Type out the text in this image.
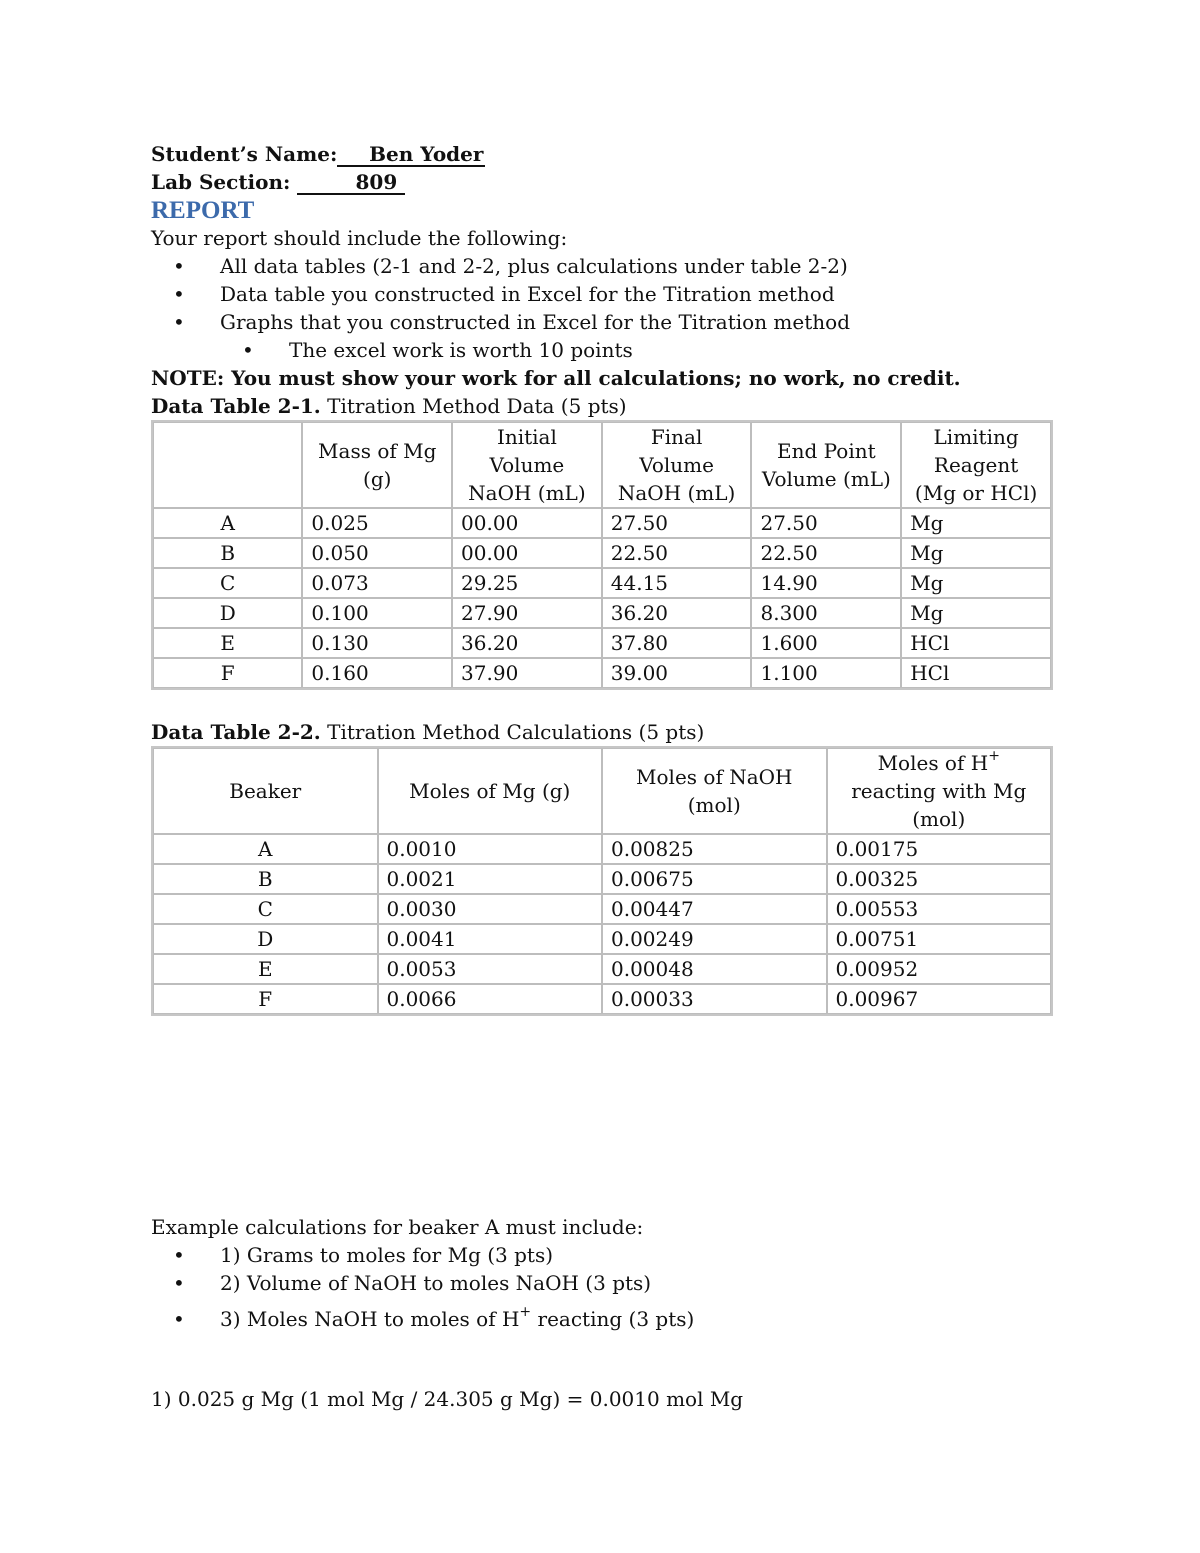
Student’s Name: Ben Yoder
Lab Section:	809
REPORT
Your report should include the following:
• All data tables (2-1 and 2-2, plus calculations under table 2-2)
• Data table you constructed in Excel for the Titration method
• Graphs that you constructed in Excel for the Titration method
• The excel work is worth 10 points
NOTE: You must show your work for all calculations; no work, no credit.
Data Table 2-1. Titration Method Data (5 pts)
	Mass of Mg (g)	Initial Volume NaOH (mL)	Final Volume NaOH (mL)	End Point Volume (mL)	Limiting Reagent (Mg or HCl)
A	0.025	00.00	27.50	27.50	Mg
B	0.050	00.00	22.50	22.50	Mg
C	0.073	29.25	44.15	14.90	Mg
D	0.100	27.90	36.20	8.300	Mg
E	0.130	36.20	37.80	1.600	HCl
F	0.160	37.90	39.00	1.100	HCl
Data Table 2-2. Titration Method Calculations (5 pts)
Beaker	Moles of Mg (g)	Moles of NaOH (mol)	Moles of H+ reacting with Mg (mol)
A	0.0010	0.00825	0.00175
B	0.0021	0.00675	0.00325
C	0.0030	0.00447	0.00553
D	0.0041	0.00249	0.00751
E	0.0053	0.00048	0.00952
F	0.0066	0.00033	0.00967
Example calculations for beaker A must include:
• 1) Grams to moles for Mg (3 pts)
• 2) Volume of NaOH to moles NaOH (3 pts)
• 3) Moles NaOH to moles of H+ reacting (3 pts)
1) 0.025 g Mg (1 mol Mg / 24.305 g Mg) = 0.0010 mol Mg
